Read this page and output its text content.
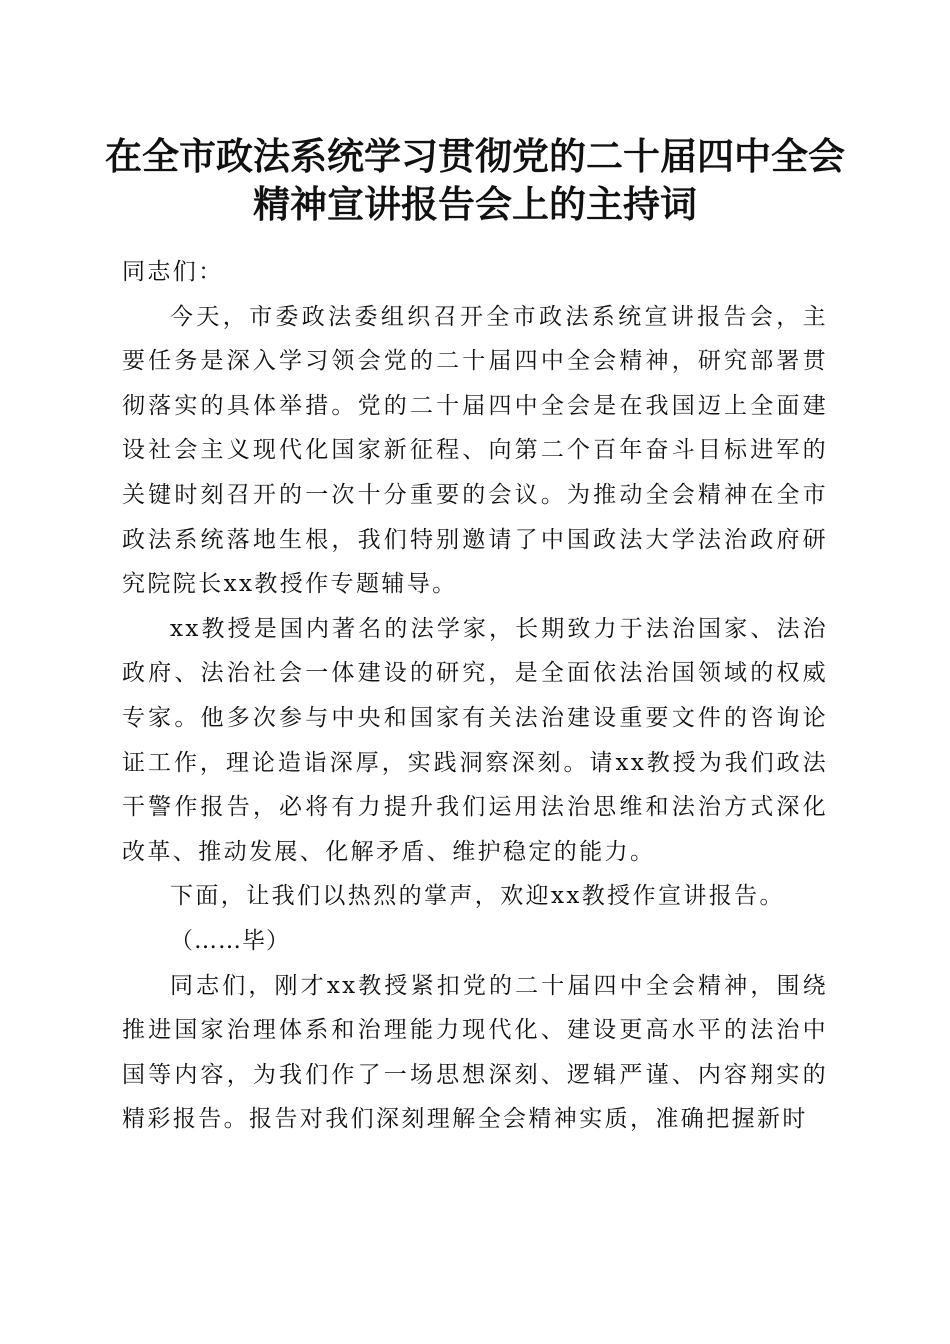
在全市政法系统学习贯彻党的二十届四中全会
精神宣讲报告会上的主持词

同志们：

今天，市委政法委组织召开全市政法系统宣讲报告会，主要任务是深入学习领会党的二十届四中全会精神，研究部署贯彻落实的具体举措。党的二十届四中全会是在我国迈上全面建设社会主义现代化国家新征程、向第二个百年奋斗目标进军的关键时刻召开的一次十分重要的会议。为推动全会精神在全市政法系统落地生根，我们特别邀请了中国政法大学法治政府研究院院长xx教授作专题辅导。

xx教授是国内著名的法学家，长期致力于法治国家、法治政府、法治社会一体建设的研究，是全面依法治国领域的权威专家。他多次参与中央和国家有关法治建设重要文件的咨询论证工作，理论造诣深厚，实践洞察深刻。请xx教授为我们政法干警作报告，必将有力提升我们运用法治思维和法治方式深化改革、推动发展、化解矛盾、维护稳定的能力。

下面，让我们以热烈的掌声，欢迎xx教授作宣讲报告。

（……毕）

同志们，刚才xx教授紧扣党的二十届四中全会精神，围绕推进国家治理体系和治理能力现代化、建设更高水平的法治中国等内容，为我们作了一场思想深刻、逻辑严谨、内容翔实的精彩报告。报告对我们深刻理解全会精神实质，准确把握新时
